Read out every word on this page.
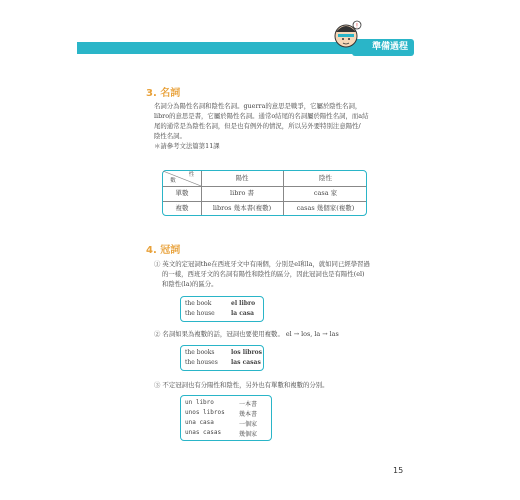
準備過程
!
3. 名詞
名詞分為陽性名詞和陰性名詞。guerra的意思是戰爭，它屬於陰性名詞，
libro的意思是書，它屬於陽性名詞。通常o結尾的名詞屬於陽性名詞，而a結
尾的通常是為陰性名詞，但是也有例外的情況，所以另外要特別注意陽性/
陰性名詞。
＊請參考文法篇第11課
性
數	陽性	陰性
單數	libro 書	casa 家
複數	libros 幾本書(複數)	casas 幾個家(複數)
4. 冠詞
① 英文的定冠詞the在西班牙文中有兩個，分別是el和la，就如同已經學習過
的一樣，西班牙文的名詞有陽性和陰性的區分，因此冠詞也是有陽性(el)
和陰性(la)的區分。
the book	el libro
the house	la casa
② 名詞如果為複數的話，冠詞也要使用複數。 el → los, la → las
the books	los libros
the houses las casas
③ 不定冠詞也有分陽性和陰性，另外也有單數和複數的分別。
un libro	一本書
unos libros 幾本書
una casa	一個家
unas casas	幾個家
15
